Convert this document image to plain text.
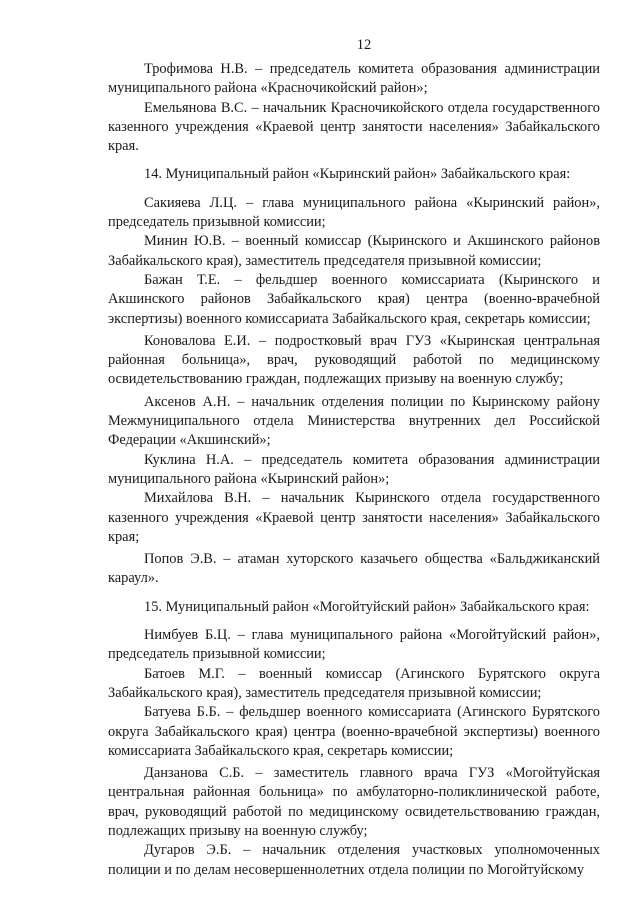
12

Трофимова Н.В. – председатель комитета образования администрации муниципального района «Красночикойский район»;

Емельянова В.С. – начальник Красночикойского отдела государственного казенного учреждения «Краевой центр занятости населения» Забайкальского края.

14. Муниципальный район «Кыринский район» Забайкальского края:

Сакияева Л.Ц. – глава муниципального района «Кыринский район», председатель призывной комиссии;

Минин Ю.В. – военный комиссар (Кыринского и Акшинского районов Забайкальского края), заместитель председателя призывной комиссии;

Бажан Т.Е. – фельдшер военного комиссариата (Кыринского и Акшинского районов Забайкальского края) центра (военно-врачебной экспертизы) военного комиссариата Забайкальского края, секретарь комиссии;

Коновалова Е.И. – подростковый врач ГУЗ «Кыринская центральная районная больница», врач, руководящий работой по медицинскому освидетельствованию граждан, подлежащих призыву на военную службу;

Аксенов А.Н. – начальник отделения полиции по Кыринскому району Межмуниципального отдела Министерства внутренних дел Российской Федерации «Акшинский»;

Куклина Н.А. – председатель комитета образования администрации муниципального района «Кыринский район»;

Михайлова В.Н. – начальник Кыринского отдела государственного казенного учреждения «Краевой центр занятости населения» Забайкальского края;

Попов Э.В. – атаман хуторского казачьего общества «Бальджиканский караул».

15. Муниципальный район «Могойтуйский район» Забайкальского края:

Нимбуев Б.Ц. – глава муниципального района «Могойтуйский район», председатель призывной комиссии;

Батоев М.Г. – военный комиссар (Агинского Бурятского округа Забайкальского края), заместитель председателя призывной комиссии;

Батуева Б.Б. – фельдшер военного комиссариата (Агинского Бурятского округа Забайкальского края) центра (военно-врачебной экспертизы) военного комиссариата Забайкальского края, секретарь комиссии;

Данзанова С.Б. – заместитель главного врача ГУЗ «Могойтуйская центральная районная больница» по амбулаторно-поликлинической работе, врач, руководящий работой по медицинскому освидетельствованию граждан, подлежащих призыву на военную службу;

Дугаров Э.Б. – начальник отделения участковых уполномоченных полиции и по делам несовершеннолетних отдела полиции по Могойтуйскому
